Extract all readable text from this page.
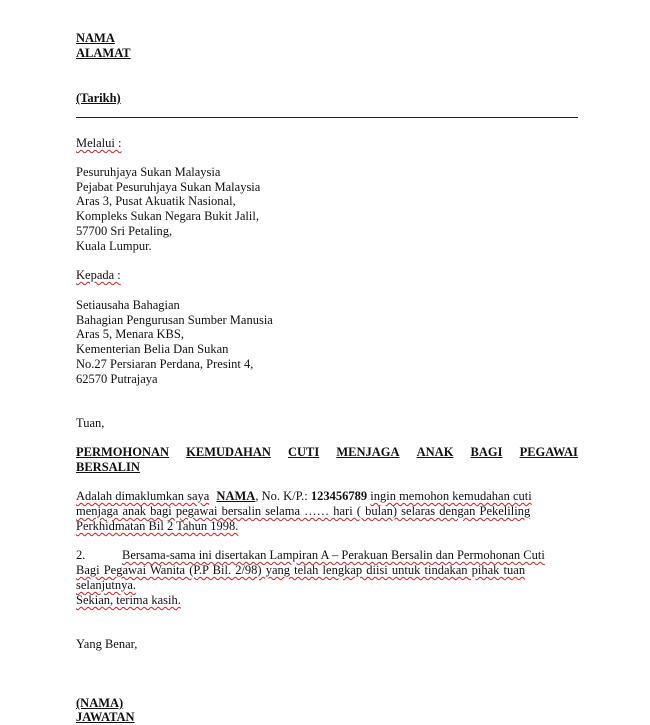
NAMA
ALAMAT
(Tarikh)
Melalui :
Pesuruhjaya Sukan Malaysia
Pejabat Pesuruhjaya Sukan Malaysia
Aras 3, Pusat Akuatik Nasional,
Kompleks Sukan Negara Bukit Jalil,
57700 Sri Petaling,
Kuala Lumpur.
Kepada :
Setiausaha Bahagian
Bahagian Pengurusan Sumber Manusia
Aras 5, Menara KBS,
Kementerian Belia Dan Sukan
No.27 Persiaran Perdana, Presint 4,
62570 Putrajaya
Tuan,
PERMOHONAN KEMUDAHAN CUTI MENJAGA ANAK BAGI PEGAWAI
BERSALIN
Adalah dimaklumkan saya NAMA, No. K/P.: 123456789 ingin memohon kemudahan cuti
menjaga anak bagi pegawai bersalin selama …… hari ( bulan) selaras dengan Pekeliling
Perkhidmatan Bil 2 Tahun 1998.
2.	Bersama-sama ini disertakan Lampiran A – Perakuan Bersalin dan Permohonan Cuti
Bagi Pegawai Wanita (P.P Bil. 2/98) yang telah lengkap diisi untuk tindakan pihak tuan
selanjutnya.
Sekian, terima kasih.
Yang Benar,
(NAMA)
JAWATAN
